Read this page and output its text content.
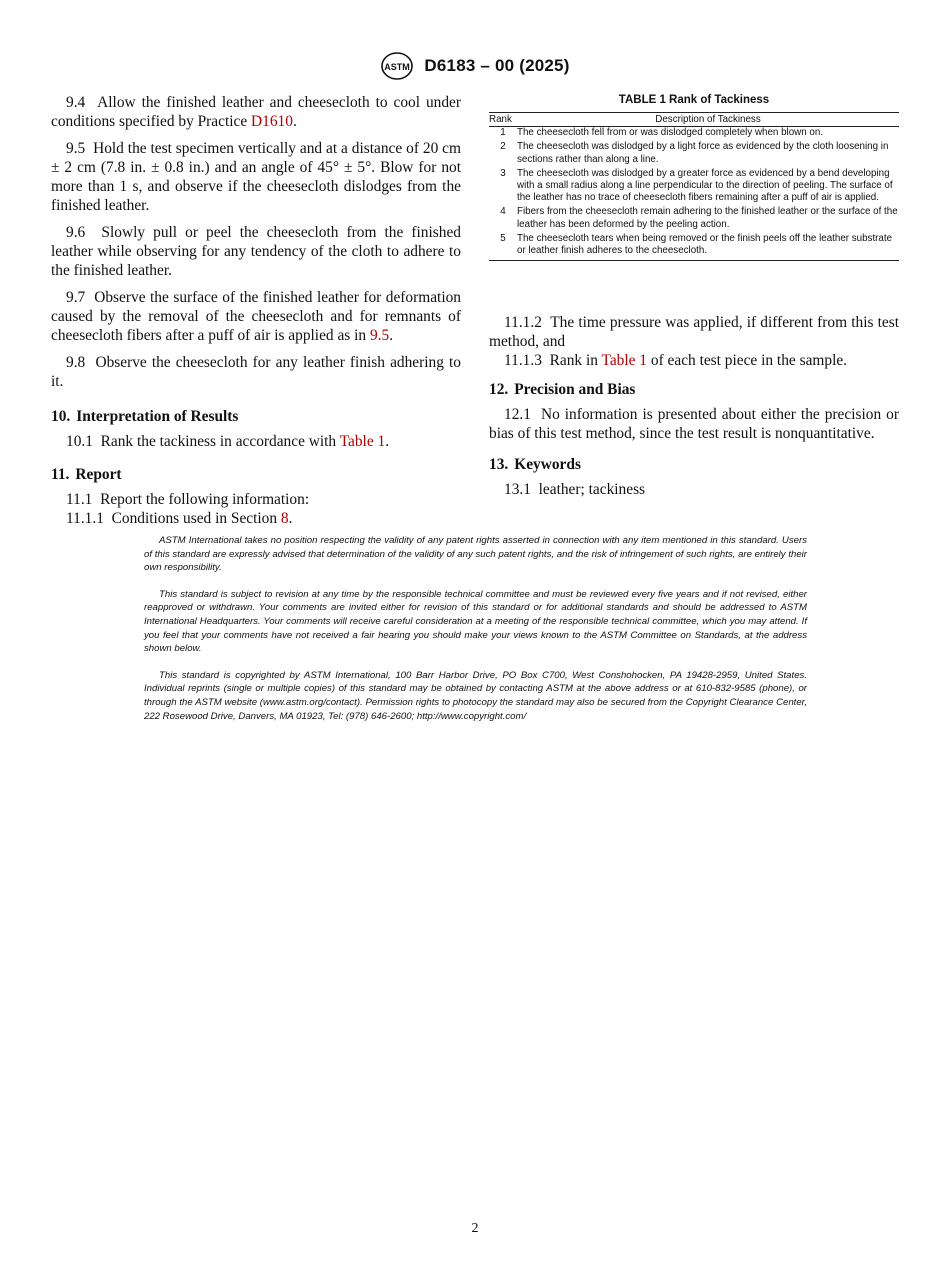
ASTM D6183 – 00 (2025)

9.4 Allow the finished leather and cheesecloth to cool under conditions specified by Practice D1610.

9.5 Hold the test specimen vertically and at a distance of 20 cm ± 2 cm (7.8 in. ± 0.8 in.) and an angle of 45° ± 5°. Blow for not more than 1 s, and observe if the cheesecloth dislodges from the finished leather.

9.6 Slowly pull or peel the cheesecloth from the finished leather while observing for any tendency of the cloth to adhere to the finished leather.

9.7 Observe the surface of the finished leather for deformation caused by the removal of the cheesecloth and for remnants of cheesecloth fibers after a puff of air is applied as in 9.5.

9.8 Observe the cheesecloth for any leather finish adhering to it.

10. Interpretation of Results

10.1 Rank the tackiness in accordance with Table 1.

11. Report

11.1 Report the following information:

11.1.1 Conditions used in Section 8.

TABLE 1 Rank of Tackiness
Rank	Description of Tackiness
1	The cheesecloth fell from or was dislodged completely when blown on.
2	The cheesecloth was dislodged by a light force as evidenced by the cloth loosening in sections rather than along a line.
3	The cheesecloth was dislodged by a greater force as evidenced by a bend developing with a small radius along a line perpendicular to the direction of peeling. The surface of the leather has no trace of cheesecloth fibers remaining after a puff of air is applied.
4	Fibers from the cheesecloth remain adhering to the finished leather or the surface of the leather has been deformed by the peeling action.
5	The cheesecloth tears when being removed or the finish peels off the leather substrate or leather finish adheres to the cheesecloth.

11.1.2 The time pressure was applied, if different from this test method, and

11.1.3 Rank in Table 1 of each test piece in the sample.

12. Precision and Bias

12.1 No information is presented about either the precision or bias of this test method, since the test result is nonquantitative.

13. Keywords

13.1 leather; tackiness

ASTM International takes no position respecting the validity of any patent rights asserted in connection with any item mentioned in this standard. Users of this standard are expressly advised that determination of the validity of any such patent rights, and the risk of infringement of such rights, are entirely their own responsibility.

This standard is subject to revision at any time by the responsible technical committee and must be reviewed every five years and if not revised, either reapproved or withdrawn. Your comments are invited either for revision of this standard or for additional standards and should be addressed to ASTM International Headquarters. Your comments will receive careful consideration at a meeting of the responsible technical committee, which you may attend. If you feel that your comments have not received a fair hearing you should make your views known to the ASTM Committee on Standards, at the address shown below.

This standard is copyrighted by ASTM International, 100 Barr Harbor Drive, PO Box C700, West Conshohocken, PA 19428-2959, United States. Individual reprints (single or multiple copies) of this standard may be obtained by contacting ASTM at the above address or at 610-832-9585 (phone), or through the ASTM website (www.astm.org/contact). Permission rights to photocopy the standard may also be secured from the Copyright Clearance Center, 222 Rosewood Drive, Danvers, MA 01923, Tel: (978) 646-2600; http://www.copyright.com/

2
